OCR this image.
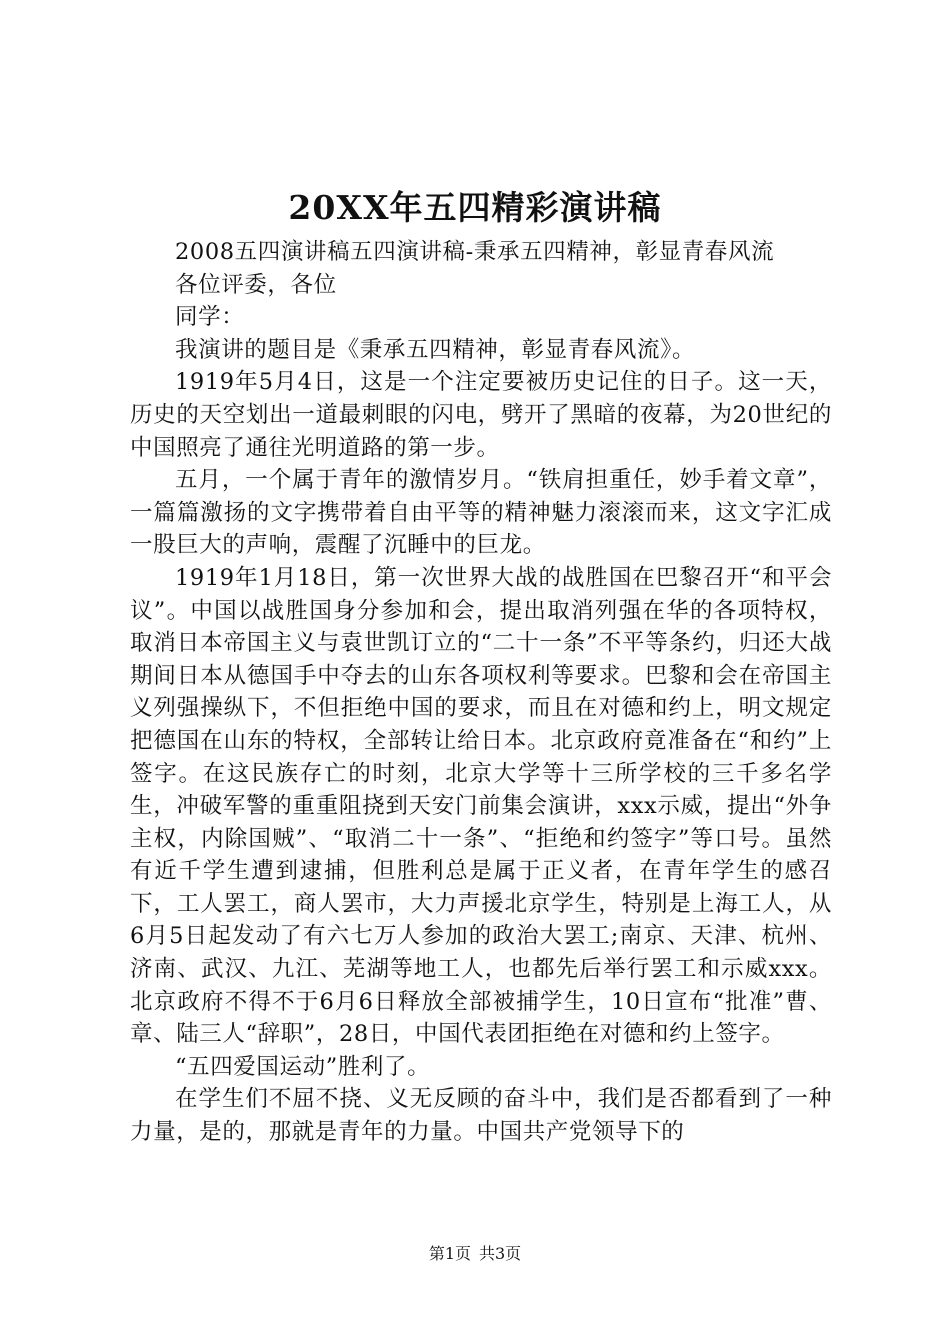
20XX年五四精彩演讲稿

2008五四演讲稿五四演讲稿-秉承五四精神，彰显青春风流

各位评委，各位

同学：

我演讲的题目是《秉承五四精神，彰显青春风流》。

1919年5月4日，这是一个注定要被历史记住的日子。这一天，历史的天空划出一道最刺眼的闪电，劈开了黑暗的夜幕，为20世纪的中国照亮了通往光明道路的第一步。

五月，一个属于青年的激情岁月。“铁肩担重任，妙手着文章”，一篇篇激扬的文字携带着自由平等的精神魅力滚滚而来，这文字汇成一股巨大的声响，震醒了沉睡中的巨龙。

1919年1月18日，第一次世界大战的战胜国在巴黎召开“和平会议”。中国以战胜国身分参加和会，提出取消列强在华的各项特权，取消日本帝国主义与袁世凯订立的“二十一条”不平等条约，归还大战期间日本从德国手中夺去的山东各项权利等要求。巴黎和会在帝国主义列强操纵下，不但拒绝中国的要求，而且在对德和约上，明文规定把德国在山东的特权，全部转让给日本。北京政府竟准备在“和约”上签字。在这民族存亡的时刻，北京大学等十三所学校的三千多名学生，冲破军警的重重阻挠到天安门前集会演讲，xxx示威，提出“外争主权，内除国贼”、“取消二十一条”、“拒绝和约签字”等口号。虽然有近千学生遭到逮捕，但胜利总是属于正义者，在青年学生的感召下，工人罢工，商人罢市，大力声援北京学生，特别是上海工人，从6月5日起发动了有六七万人参加的政治大罢工;南京、天津、杭州、济南、武汉、九江、芜湖等地工人，也都先后举行罢工和示威xxx。北京政府不得不于6月6日释放全部被捕学生，10日宣布“批准”曹、章、陆三人“辞职”，28日，中国代表团拒绝在对德和约上签字。

“五四爱国运动”胜利了。

在学生们不屈不挠、义无反顾的奋斗中，我们是否都看到了一种力量，是的，那就是青年的力量。中国共产党领导下的

第1页 共3页
